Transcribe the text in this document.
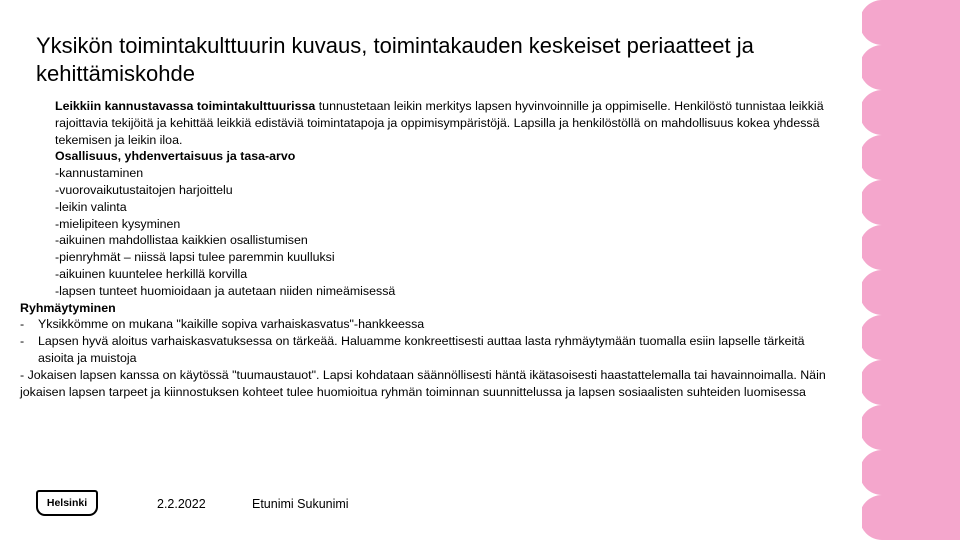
Yksikön toimintakulttuurin kuvaus, toimintakauden keskeiset periaatteet ja kehittämiskohde

Leikkiin kannustavassa toimintakulttuurissa tunnustetaan leikin merkitys lapsen hyvinvoinnille ja oppimiselle. Henkilöstö tunnistaa leikkiä rajoittavia tekijöitä ja kehittää leikkiä edistäviä toimintatapoja ja oppimisympäristöjä. Lapsilla ja henkilöstöllä on mahdollisuus kokea yhdessä tekemisen ja leikin iloa.

Osallisuus, yhdenvertaisuus ja tasa-arvo

-kannustaminen

-vuorovaikutustaitojen harjoittelu

-leikin valinta

-mielipiteen kysyminen

-aikuinen mahdollistaa kaikkien osallistumisen

-pienryhmät – niissä lapsi tulee paremmin kuulluksi

-aikuinen kuuntelee herkillä korvilla

-lapsen tunteet huomioidaan ja autetaan niiden nimeämisessä

Ryhmäytyminen

- Yksikkömme on mukana "kaikille sopiva varhaiskasvatus"-hankkeessa

- Lapsen hyvä aloitus varhaiskasvatuksessa on tärkeää. Haluamme konkreettisesti auttaa lasta ryhmäytymään tuomalla esiin lapselle tärkeitä asioita ja muistoja

- Jokaisen lapsen kanssa on käytössä "tuumaustauot". Lapsi kohdataan säännöllisesti häntä ikätasoisesti haastattelemalla tai havainnoimalla. Näin jokaisen lapsen tarpeet ja kiinnostuksen kohteet tulee huomioitua ryhmän toiminnan suunnittelussa ja lapsen sosiaalisten suhteiden luomisessa

Helsinki	2.2.2022	Etunimi Sukunimi
